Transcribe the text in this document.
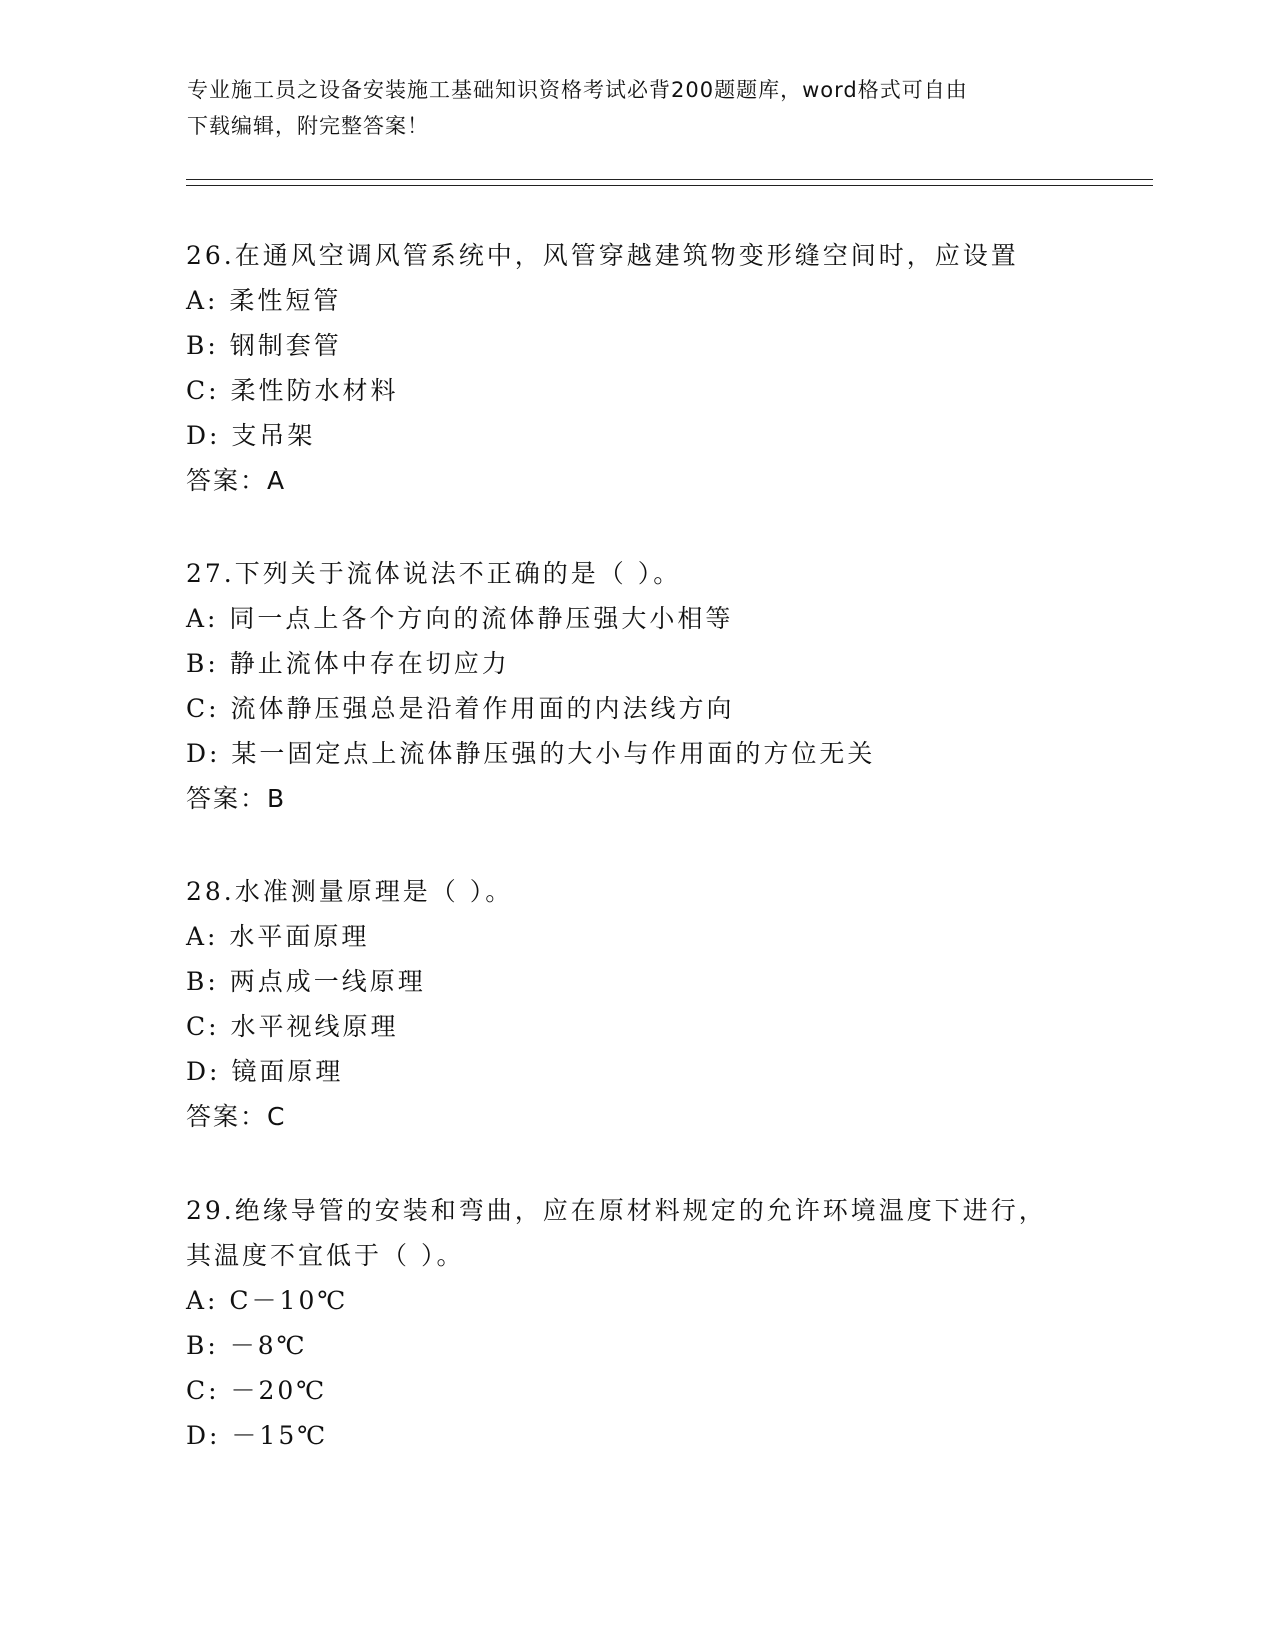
专业施工员之设备安装施工基础知识资格考试必背200题题库，word格式可自由
下载编辑，附完整答案！
26.在通风空调风管系统中，风管穿越建筑物变形缝空间时，应设置
A: 柔性短管
B: 钢制套管
C: 柔性防水材料
D: 支吊架
答案：A
27.下列关于流体说法不正确的是（ ）。
A: 同一点上各个方向的流体静压强大小相等
B: 静止流体中存在切应力
C: 流体静压强总是沿着作用面的内法线方向
D: 某一固定点上流体静压强的大小与作用面的方位无关
答案：B
28.水准测量原理是（ ）。
A: 水平面原理
B: 两点成一线原理
C: 水平视线原理
D: 镜面原理
答案：C
29.绝缘导管的安装和弯曲，应在原材料规定的允许环境温度下进行，
其温度不宜低于（ ）。
A: C－10℃
B: －8℃
C: －20℃
D: －15℃
